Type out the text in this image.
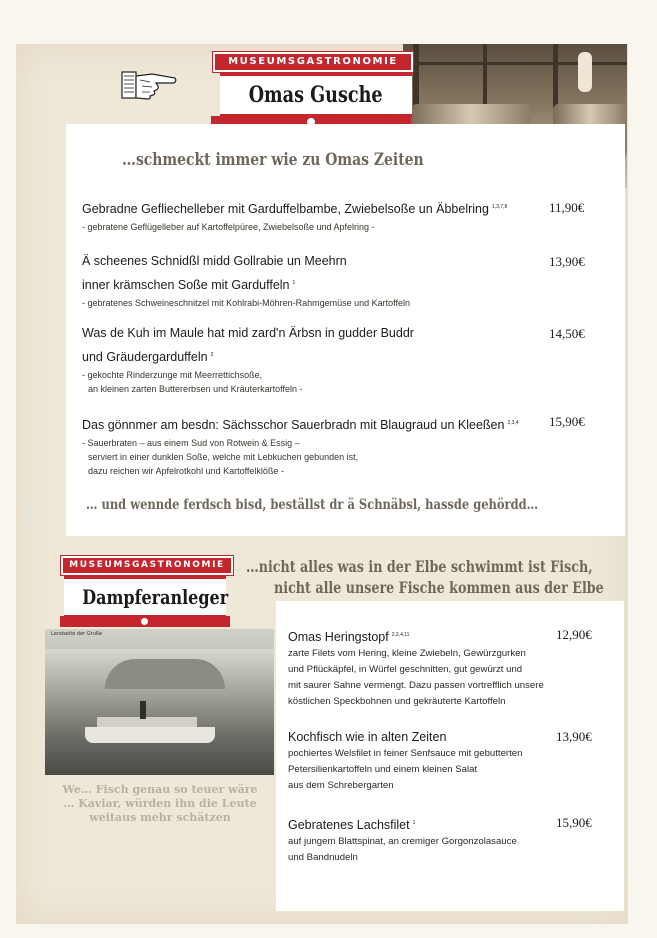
MUSEUMSGASTRONOMIE
Omas Gusche
…schmeckt immer wie zu Omas Zeiten
Gebradne Gefliechelleber mit Garduffelbambe, Zwiebelsoße un Äbbelring $^{1,3,7,8}$
- gebratene Geflügelleber auf Kartoffelpüree, Zwiebelsoße und Apfelring -
11,90€
Ä scheenes Schnidßl midd Gollrabie un Meehrn
inner krämschen Soße mit Garduffeln $^1$
- gebratenes Schweineschnitzel mit Kohlrabi-Möhren-Rahmgemüse und Kartoffeln
13,90€
Was de Kuh im Maule hat mid zard'n Ärbsn in gudder Buddr
und Gräudergarduffeln $^2$
- gekochte Rinderzunge mit Meerrettichsoße,
an kleinen zarten Buttererbsen und Kräuterkartoffeln -
14,50€
Das gönnmer am besdn: Sächsschor Sauerbradn mit Blaugraud un Kleeßen $^{2,3,4}$
- Sauerbraten – aus einem Sud von Rotwein & Essig –
serviert in einer dunklen Soße, welche mit Lebkuchen gebunden ist,
dazu reichen wir Apfelrotkohl und Kartoffelklöße -
15,90€
… und wennde ferdsch bisd, beställst dr ä Schnäbsl, hassde gehördd…
MUSEUMSGASTRONOMIE
Dampferanleger
…nicht alles was in der Elbe schwimmt ist Fisch,
nicht alle unsere Fische kommen aus der Elbe
Landseite der Gruße
We… Fisch genau so teuer wäre
… Kaviar, würden ihn die Leute
weitaus mehr schätzen
Omas Heringstopf $^{2,3,4,11}$
zarte Filets vom Hering, kleine Zwiebeln, Gewürzgurken
und Pflückäpfel, in Würfel geschnitten, gut gewürzt und
mit saurer Sahne vermengt. Dazu passen vortrefflich unsere
köstlichen Speckbohnen und gekräuterte Kartoffeln
12,90€
Kochfisch wie in alten Zeiten
pochiertes Welsfilet in feiner Senfsauce mit gebutterten
Petersilienkartoffeln und einem kleinen Salat
aus dem Schrebergarten
13,90€
Gebratenes Lachsfilet $^1$
auf jungem Blattspinat, an cremiger Gorgonzolasauce
und Bandnudeln
15,90€
